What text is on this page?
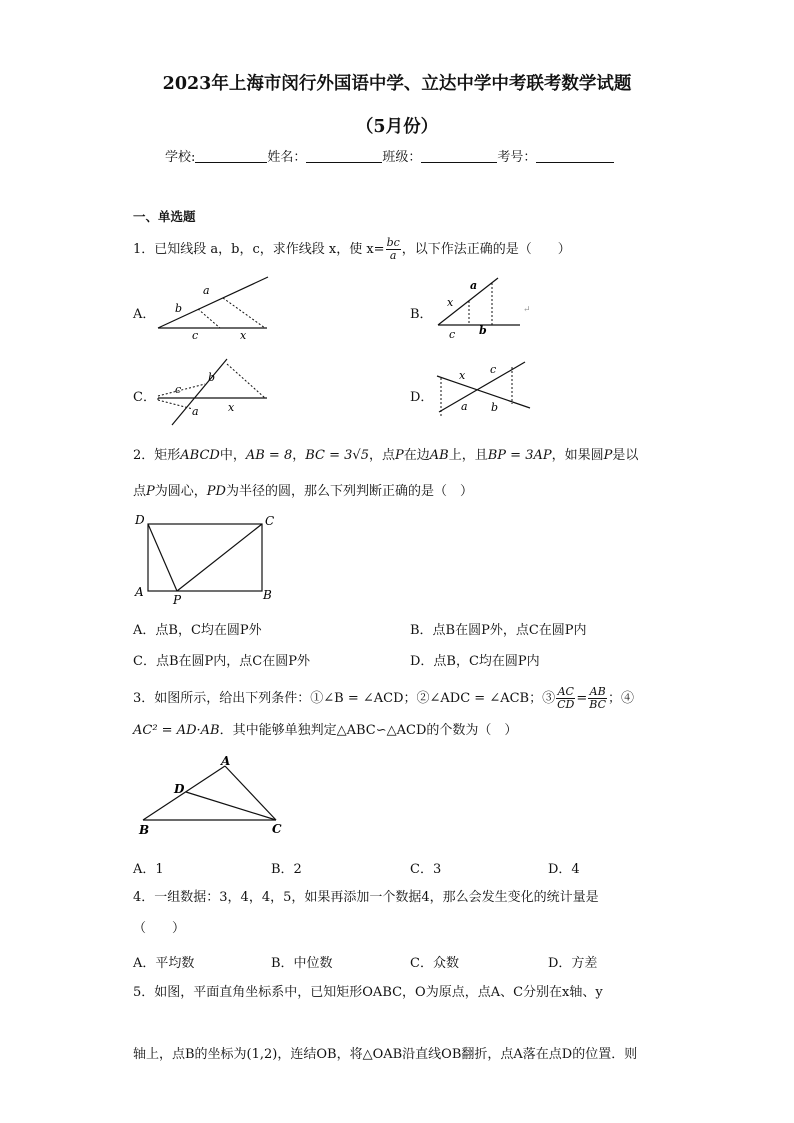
2023年上海市闵行外国语中学、立达中学中考联考数学试题
（5月份）
学校:	姓名：	班级：	考号：
一、单选题
1．已知线段 a，b，c，求作线段 x，使 $x= \frac{bc}{a}$ ，以下作法正确的是（　　）
A．	B．
C．	D．
b
a
c	x
x
a
c b
↵
c
b
a	x
x c
a b
2．矩形ABCD中，AB = 8，BC = 3√5，点P在边AB上，且BP = 3AP，如果圆P是以
点P为圆心，PD为半径的圆，那么下列判断正确的是（　）
D	C
A
P	B
A．点B，C均在圆P外	B．点B在圆P外，点C在圆P内
C．点B在圆P内，点C在圆P外	D．点B，C均在圆P内
3．如图所示，给出下列条件：①∠B = ∠ACD；②∠ADC = ∠ACB；③ $\frac{AC}{CD} = \frac{AB}{BC}$ ；④
AC² = AD·AB．其中能够单独判定△ABC∽△ACD的个数为（　）
A
D
B	C
A．1	B．2	C．3	D．4
4．一组数据：3，4，4，5，如果再添加一个数据4，那么会发生变化的统计量是
（　　）
A．平均数	B．中位数	C．众数	D．方差
5．如图，平面直角坐标系中，已知矩形OABC，O为原点，点A、C分别在x轴、y
轴上，点B的坐标为(1,2)，连结OB，将△OAB沿直线OB翻折，点A落在点D的位置．则
